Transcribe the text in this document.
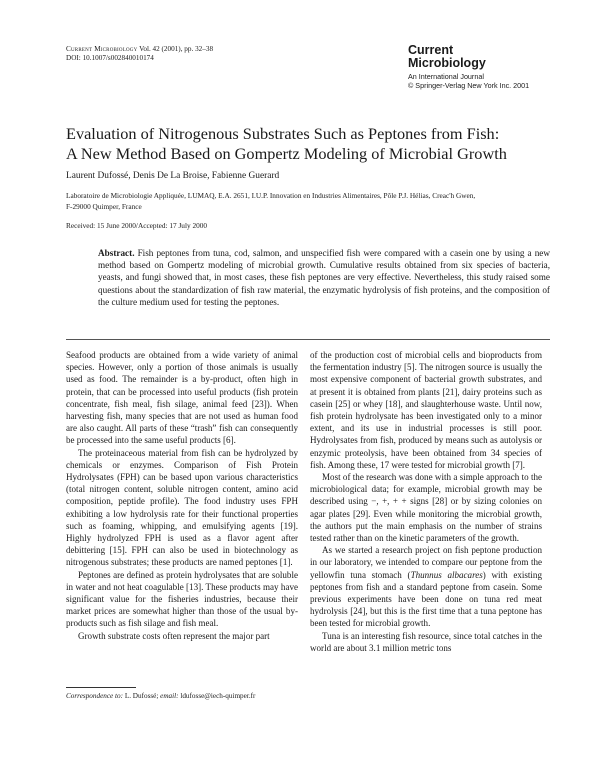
Current Microbiology Vol. 42 (2001), pp. 32–38
DOI: 10.1007/s002840010174
Current
Microbiology
An International Journal
© Springer-Verlag New York Inc. 2001
Evaluation of Nitrogenous Substrates Such as Peptones from Fish:
A New Method Based on Gompertz Modeling of Microbial Growth
Laurent Dufossé, Denis De La Broise, Fabienne Guerard
Laboratoire de Microbiologie Appliquée, LUMAQ, E.A. 2651, I.U.P. Innovation en Industries Alimentaires, Pôle P.J. Hélias, Creac'h Gwen,
F-29000 Quimper, France
Received: 15 June 2000/Accepted: 17 July 2000
Abstract. Fish peptones from tuna, cod, salmon, and unspecified fish were compared with a casein one by using a new method based on Gompertz modeling of microbial growth. Cumulative results obtained from six species of bacteria, yeasts, and fungi showed that, in most cases, these fish peptones are very effective. Nevertheless, this study raised some questions about the standardization of fish raw material, the enzymatic hydrolysis of fish proteins, and the composition of the culture medium used for testing the peptones.

Seafood products are obtained from a wide variety of animal species. However, only a portion of those animals is usually used as food. The remainder is a by-product, often high in protein, that can be processed into useful products (fish protein concentrate, fish meal, fish silage, animal feed [23]). When harvesting fish, many species that are not used as human food are also caught. All parts of these “trash” fish can consequently be processed into the same useful products [6].

The proteinaceous material from fish can be hydrolyzed by chemicals or enzymes. Comparison of Fish Protein Hydrolysates (FPH) can be based upon various characteristics (total nitrogen content, soluble nitrogen content, amino acid composition, peptide profile). The food industry uses FPH exhibiting a low hydrolysis rate for their functional properties such as foaming, whipping, and emulsifying agents [19]. Highly hydrolyzed FPH is used as a flavor agent after debittering [15]. FPH can also be used in biotechnology as nitrogenous substrates; these products are named peptones [1].

Peptones are defined as protein hydrolysates that are soluble in water and not heat coagulable [13]. These products may have significant value for the fisheries industries, because their market prices are somewhat higher than those of the usual by-products such as fish silage and fish meal.

Growth substrate costs often represent the major part

of the production cost of microbial cells and bioproducts from the fermentation industry [5]. The nitrogen source is usually the most expensive component of bacterial growth substrates, and at present it is obtained from plants [21], dairy proteins such as casein [25] or whey [18], and slaughterhouse waste. Until now, fish protein hydrolysate has been investigated only to a minor extent, and its use in industrial processes is still poor. Hydrolysates from fish, produced by means such as autolysis or enzymic proteolysis, have been obtained from 34 species of fish. Among these, 17 were tested for microbial growth [7].

Most of the research was done with a simple approach to the microbiological data; for example, microbial growth may be described using −, +, + + signs [28] or by sizing colonies on agar plates [29]. Even while monitoring the microbial growth, the authors put the main emphasis on the number of strains tested rather than on the kinetic parameters of the growth.

As we started a research project on fish peptone production in our laboratory, we intended to compare our peptone from the yellowfin tuna stomach (Thunnus albacares) with existing peptones from fish and a standard peptone from casein. Some previous experiments have been done on tuna red meat hydrolysis [24], but this is the first time that a tuna peptone has been tested for microbial growth.

Tuna is an interesting fish resource, since total catches in the world are about 3.1 million metric tons

Correspondence to: L. Dufossé; email: ldufosse@iech-quimper.fr
